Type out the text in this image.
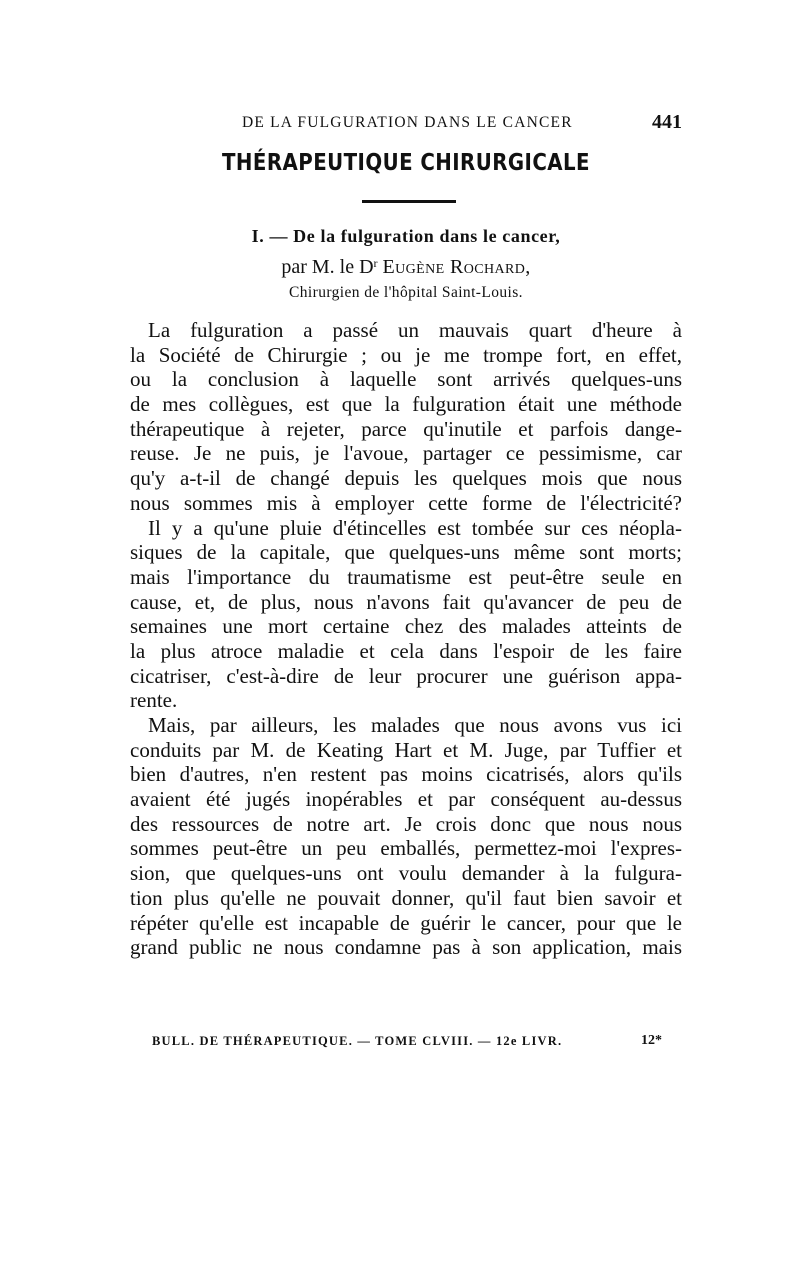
DE LA FULGURATION DANS LE CANCER	441
THÉRAPEUTIQUE CHIRURGICALE
I. — De la fulguration dans le cancer,
par M. le $D^r$ Eugène Rochard,
Chirurgien de l'hôpital Saint-Louis.
La fulguration a passé un mauvais quart d'heure à
la Société de Chirurgie ; ou je me trompe fort, en effet,
ou la conclusion à laquelle sont arrivés quelques-uns
de mes collègues, est que la fulguration était une méthode
thérapeutique à rejeter, parce qu'inutile et parfois dange-
reuse. Je ne puis, je l'avoue, partager ce pessimisme, car
qu'y a-t-il de changé depuis les quelques mois que nous
nous sommes mis à employer cette forme de l'électricité?
Il y a qu'une pluie d'étincelles est tombée sur ces néopla-
siques de la capitale, que quelques-uns même sont morts;
mais l'importance du traumatisme est peut-être seule en
cause, et, de plus, nous n'avons fait qu'avancer de peu de
semaines une mort certaine chez des malades atteints de
la plus atroce maladie et cela dans l'espoir de les faire
cicatriser, c'est-à-dire de leur procurer une guérison appa-
rente.
Mais, par ailleurs, les malades que nous avons vus ici
conduits par M. de Keating Hart et M. Juge, par Tuffier et
bien d'autres, n'en restent pas moins cicatrisés, alors qu'ils
avaient été jugés inopérables et par conséquent au-dessus
des ressources de notre art. Je crois donc que nous nous
sommes peut-être un peu emballés, permettez-moi l'expres-
sion, que quelques-uns ont voulu demander à la fulgura-
tion plus qu'elle ne pouvait donner, qu'il faut bien savoir et
répéter qu'elle est incapable de guérir le cancer, pour que le
grand public ne nous condamne pas à son application, mais
BULL. DE THÉRAPEUTIQUE. — TOME CLVIII. — 12e LIVR.	12*
